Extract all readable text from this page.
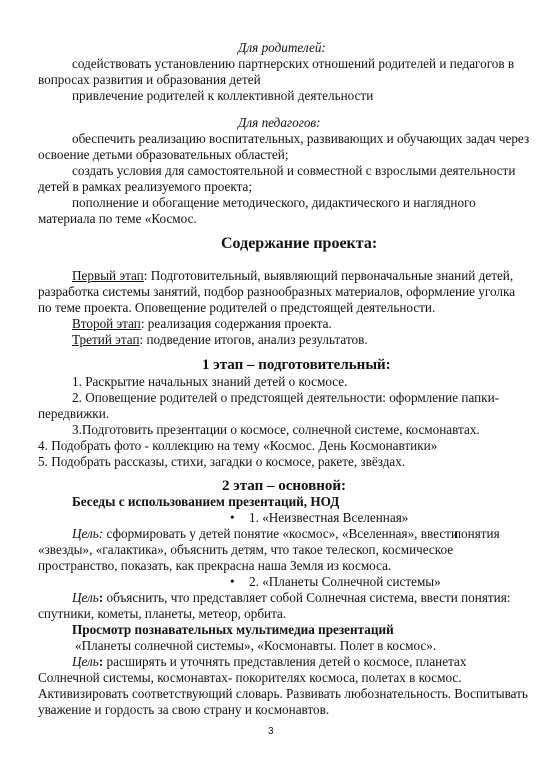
Для родителей:
содействовать установлению партнерских отношений родителей и педагогов в
вопросах развития и образования детей
привлечение родителей к коллективной деятельности
Для педагогов:
обеспечить реализацию воспитательных, развивающих и обучающих задач через
освоение детьми образовательных областей;
создать условия для самостоятельной и совместной с взрослыми деятельности
детей в рамках реализуемого проекта;
пополнение и обогащение методического, дидактического и наглядного
материала по теме «Космос.
Содержание проекта:
Первый этап: Подготовительный, выявляющий первоначальные знаний детей,
разработка системы занятий, подбор разнообразных материалов, оформление уголка
по теме проекта. Оповещение родителей о предстоящей деятельности.
Второй этап: реализация содержания проекта.
Третий этап: подведение итогов, анализ результатов.
1 этап – подготовительный:
1. Раскрытие начальных знаний детей о космосе.
2. Оповещение родителей о предстоящей деятельности: оформление папки-
передвижки.
3.Подготовить презентации о космосе, солнечной системе, космонавтах.
4. Подобрать фото - коллекцию на тему «Космос. День Космонавтики»
5. Подобрать рассказы, стихи, загадки о космосе, ракете, звёздах.
2 этап – основной:
Беседы с использованием презентаций, НОД
• 1. «Неизвестная Вселенная»
Цель: сформировать у детей понятие «космос», «Вселенная», ввести
понятия
«звезды», «галактика», объяснить детям, что такое телескоп, космическое
пространство, показать, как прекрасна наша Земля из космоса.
• 2. «Планеты Солнечной системы»
Цель: объяснить, что представляет собой Солнечная система, ввести понятия:
спутники, кометы, планеты, метеор, орбита.
Просмотр познавательных мультимедиа презентаций
«Планеты солнечной системы», «Космонавты. Полет в космос».
Цель: расширять и уточнять представления детей о космосе, планетах
Солнечной системы, космонавтах- покорителях космоса, полетах в космос.
Активизировать соответствующий словарь. Развивать любознательность. Воспитывать
уважение и гордость за свою страну и космонавтов.
3
